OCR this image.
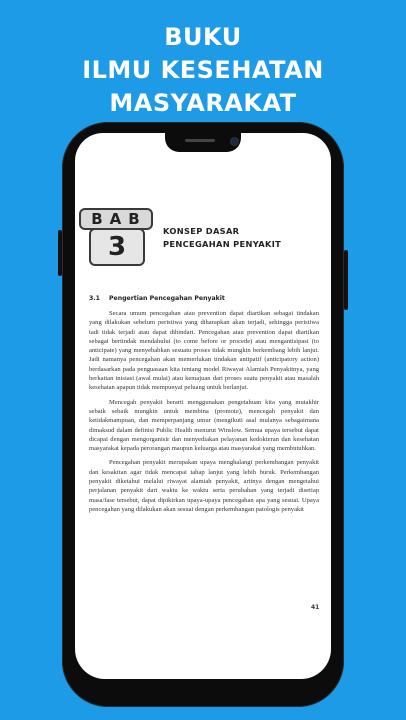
BUKU
ILMU KESEHATAN
MASYARAKAT
BAB
3
KONSEP DASAR
PENCEGAHAN PENYAKIT
3.1 Pengertian Pencegahan Penyakit

Secara umum pencegahan atau prevention dapat diartikan sebagai tindakan yang dilakukan sebelum peristiwa yang diharapkan akan terjadi, sehingga peristiwa tadi tidak terjadi atau dapat dihindari. Pencegahan atau prevention dapat diartikan sebagai bertindak mendahului (to come before or procede) atau mengantisipasi (to anticipate) yang menyebabkan sesuatu proses tidak mungkin berkembang lebih lanjut. Jadi namanya pencegahan akan memerlukan tindakan antipatif (anticipatory action) berdasarkan pada penguasaan kita tentang model Riwayat Alamiah Penyakitnya, yang berkaitan inisiasi (awal mulai) atau kemajuan dari proses suatu penyakit atau masalah kesehatan apapun tidak mempunyai peluang untuk berlanjut.

Mencegah penyakit berarti menggunakan pengetahuan kita yang mutakhir sebaik sebaik mungkin untuk membina (promote), mencegah penyakit dan ketidakmampuan, dan memperpanjang umur (mengikuti asal mulanya sebagaimana dimaksud dalam definisi Public Health menurut Winslow. Semua upaya tersebut dapat dicapai dengan mengorganisir dan menyediakan pelayanan kedokteran dan kesehatan masyarakat kepada perorangan maupun keluarga atau masyarakat yang membutuhkan.

Pencegahan penyakit merupakan upaya menghalangi perkembangan penyakit dan kesakitan agar tidak mencapai tahap lanjut yang lebih buruk. Perkembangan penyakit diketahui melalui riwayat alamiah penyakit, artinya dengan mengetahui perjalanan penyakit dari waktu ke waktu serta perubahan yang terjadi disetiap masa/fase tersebut, dapat dipikirkan upaya-upaya pencegahan apa yang sesuai. Upaya pencegahan yang dilakukan akan sesuai dengan perkembangan patologis penyakit

41
